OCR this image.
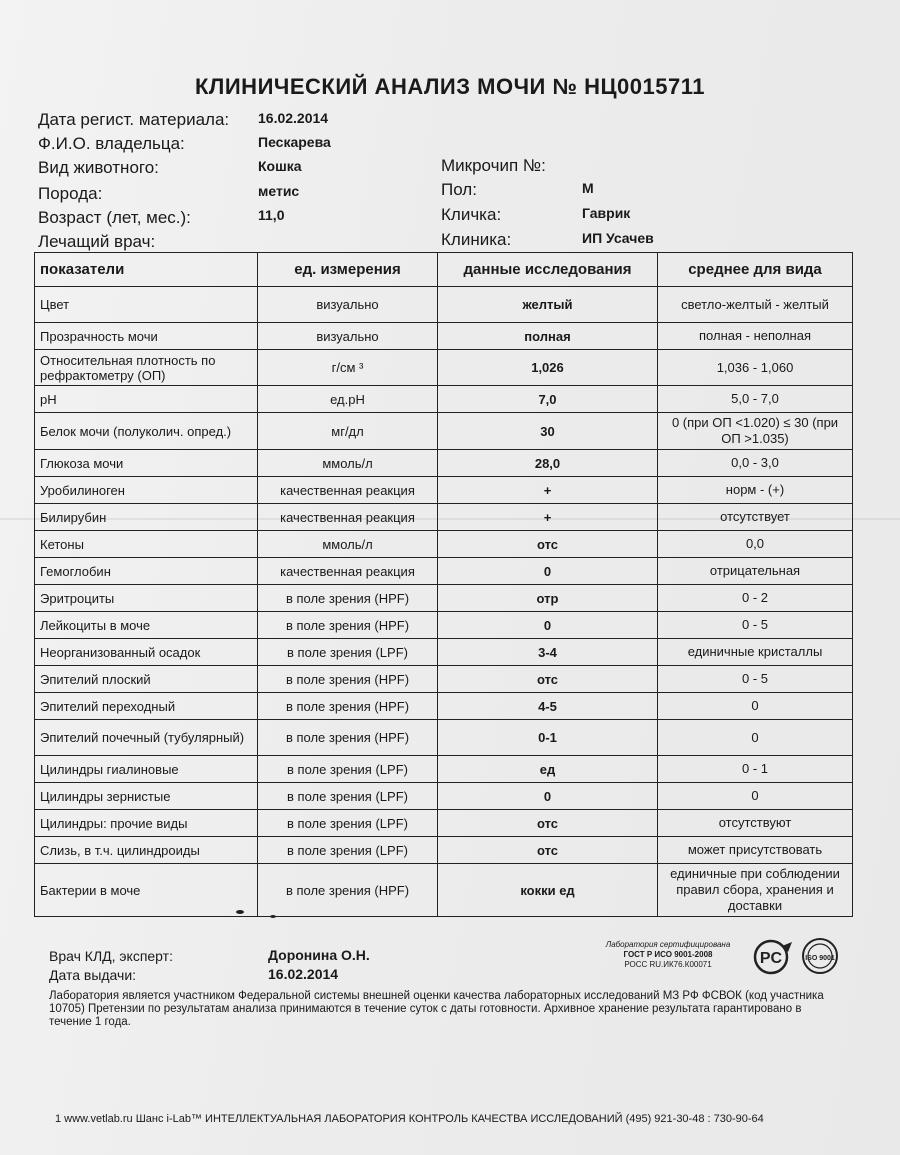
КЛИНИЧЕСКИЙ АНАЛИЗ МОЧИ № НЦ0015711
Дата регист. материала: 16.02.2014
Ф.И.О. владельца:	Пескарева
Вид животного:	Кошка
Порода:	метис
Возраст (лет, мес.):	11,0
Лечащий врач:
Микрочип №:
Пол:	М
Кличка:	Гаврик
Клиника:	ИП Усачев
показатели	ед. измерения	данные исследования	среднее для вида
Цвет	визуально	желтый	светло-желтый - желтый
Прозрачность мочи	визуально	полная	полная - неполная
Относительная плотность по рефрактометру (ОП)	г/см ³	1,026	1,036 - 1,060
pH	ед.pH	7,0	5,0 - 7,0
Белок мочи (полуколич. опред.)	мг/дл	30	0 (при ОП <1.020) ≤ 30 (при ОП >1.035)
Глюкоза мочи	ммоль/л	28,0	0,0 - 3,0
Уробилиноген	качественная реакция	+	норм - (+)
Билирубин	качественная реакция	+	отсутствует
Кетоны	ммоль/л	отс	0,0
Гемоглобин	качественная реакция	0	отрицательная
Эритроциты	в поле зрения (HPF)	отр	0 - 2
Лейкоциты в моче	в поле зрения (HPF)	0	0 - 5
Неорганизованный осадок	в поле зрения (LPF)	3-4	единичные кристаллы
Эпителий плоский	в поле зрения (HPF)	отс	0 - 5
Эпителий переходный	в поле зрения (HPF)	4-5	0
Эпителий почечный (тубулярный)	в поле зрения (HPF)	0-1	0
Цилиндры гиалиновые	в поле зрения (LPF)	ед	0 - 1
Цилиндры зернистые	в поле зрения (LPF)	0	0
Цилиндры: прочие виды	в поле зрения (LPF)	отс	отсутствуют
Слизь, в т.ч. цилиндроиды	в поле зрения (LPF)	отс	может присутствовать
Бактерии в моче	в поле зрения (HPF)	кокки ед	единичные при соблюдении правил сбора, хранения и доставки
Врач КЛД, эксперт:	Доронина О.Н.
Дата выдачи:	16.02.2014
Лаборатория сертифицирована
ГОСТ Р ИСО 9001-2008
РОСС RU.ИК76.К00071	PC	ISO 9001
Лаборатория является участником Федеральной системы внешней оценки качества лабораторных исследований МЗ РФ ФСВОК (код участника 10705) Претензии по результатам анализа принимаются в течение суток с даты готовности. Архивное хранение результата гарантировано в течение 1 года.
1 www.vetlab.ru Шанс i-Lab™ ИНТЕЛЛЕКТУАЛЬНАЯ ЛАБОРАТОРИЯ КОНТРОЛЬ КАЧЕСТВА ИССЛЕДОВАНИЙ (495) 921-30-48 : 730-90-64
